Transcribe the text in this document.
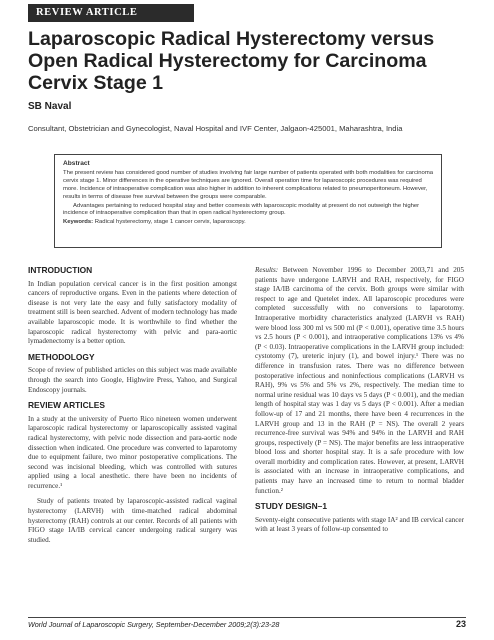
REVIEW ARTICLE
Laparoscopic Radical Hysterectomy versus Open Radical Hysterectomy for Carcinoma Cervix Stage 1
SB Naval
Consultant, Obstetrician and Gynecologist, Naval Hospital and IVF Center, Jalgaon-425001, Maharashtra, India
Abstract

The present review has considered good number of studies involving fair large number of patients operated with both modalities for carcinoma cervix stage 1. Minor differences in the operative techniques are ignored. Overall operation time for laparoscopic procedures was required more. Incidence of intraoperative complication was also higher in addition to inherent complications related to pneumoperitoneum. However, results in terms of disease free survival between the groups were comparable.

Advantages pertaining to reduced hospital stay and better cosmesis with laparoscopic modality at present do not outweigh the higher incidence of intraoperative complication than that in open radical hysterectomy group.

Keywords: Radical hysterectomy, stage 1 cancer cervix, laparoscopy.

INTRODUCTION

In Indian population cervical cancer is in the first position amongst cancers of reproductive organs. Even in the patients where detection of disease is not very late the easy and fully satisfactory modality of treatment still is been searched. Advent of modern technology has made available laparoscopic mode. It is worthwhile to find whether the laparoscopic radical hysterectomy with pelvic and para-aortic lymadenectomy is a better option.

METHODOLOGY

Scope of review of published articles on this subject was made available through the search into Google, Highwire Press, Yahoo, and Surgical Endoscopy journals.

REVIEW ARTICLES

In a study at the university of Puerto Rico nineteen women underwent laparoscopic radical hysterectomy or laparoscopically assisted vaginal radical hysterectomy, with pelvic node dissection and para-aortic node dissection when indicated. One procedure was converted to laparotomy due to equipment failure, two minor postoperative complications. The second was incisional bleeding, which was controlled with sutures applied using a local anesthetic. there have been no incidents of recurrence.¹

Study of patients treated by laparoscopic-assisted radical vaginal hysterectomy (LARVH) with time-matched radical abdominal hysterectomy (RAH) controls at our center. Records of all patients with FIGO stage IA/IB cervical cancer undergoing radical surgery was studied.

Results: Between November 1996 to December 2003,71 and 205 patients have undergone LARVH and RAH, respectively, for FIGO stage IA/IB carcinoma of the cervix. Both groups were similar with respect to age and Quetelet index. All laparoscopic procedures were completed successfully with no conversions to laparotomy. Intraoperative morbidity characteristics analyzed (LARVH vs RAH) were blood loss 300 ml vs 500 ml (P < 0.001), operative time 3.5 hours vs 2.5 hours (P < 0.001), and intraoperative complications 13% vs 4% (P < 0.03). Intraoperative complications in the LARVH group included: cystotomy (7), ureteric injury (1), and bowel injury.¹ There was no difference in transfusion rates. There was no difference between postoperative infectious and noninfectious complications (LARVH vs RAH), 9% vs 5% and 5% vs 2%, respectively. The median time to normal urine residual was 10 days vs 5 days (P < 0.001), and the median length of hospital stay was 1 day vs 5 days (P < 0.001). After a median follow-up of 17 and 21 months, there have been 4 recurrences in the LARVH group and 13 in the RAH (P = NS). The overall 2 years recurrence-free survival was 94% and 94% in the LARVH and RAH groups, respectively (P = NS). The major benefits are less intraoperative blood loss and shorter hospital stay. It is a safe procedure with low overall morbidity and complication rates. However, at present, LARVH is associated with an increase in intraoperative complications, and patients may have an increased time to return to normal bladder function.²

STUDY DESIGN–1

Seventy-eight consecutive patients with stage IA² and IB cervical cancer with at least 3 years of follow-up consented to

World Journal of Laparoscopic Surgery, September-December 2009;2(3):23-28	23
